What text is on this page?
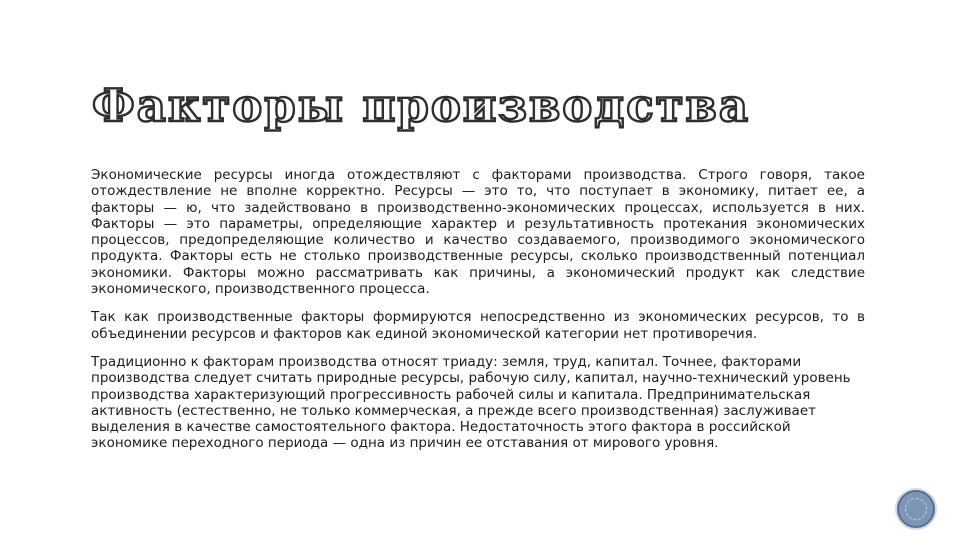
Факторы производства

Экономические ресурсы иногда отождествляют с факторами производства. Строго говоря, такое отождествление не вполне корректно. Ресурсы — это то, что поступает в экономику, питает ее, а факторы — ю, что задействовано в производственно-экономических процессах, используется в них. Факторы — это параметры, определяющие характер и результативность протекания экономических процессов, предопределяющие количество и качество создаваемого, производимого экономического продукта. Факторы есть не столько производственные ресурсы, сколько производственный потенциал экономики. Факторы можно рассматривать как причины, а экономический продукт как следствие экономического, производственного процесса.

Так как производственные факторы формируются непосредственно из экономических ресурсов, то в объединении ресурсов и факторов как единой экономической категории нет противоречия.

Традиционно к факторам производства относят триаду: земля, труд, капитал. Точнее, факторами производства следует считать природные ресурсы, рабочую силу, капитал, научно-технический уровень производства характеризующий прогрессивность рабочей силы и капитала. Предпринимательская активность (естественно, не только коммерческая, а прежде всего производственная) заслуживает выделения в качестве самостоятельного фактора. Недостаточность этого фактора в российской экономике переходного периода — одна из причин ее отставания от мирового уровня.
